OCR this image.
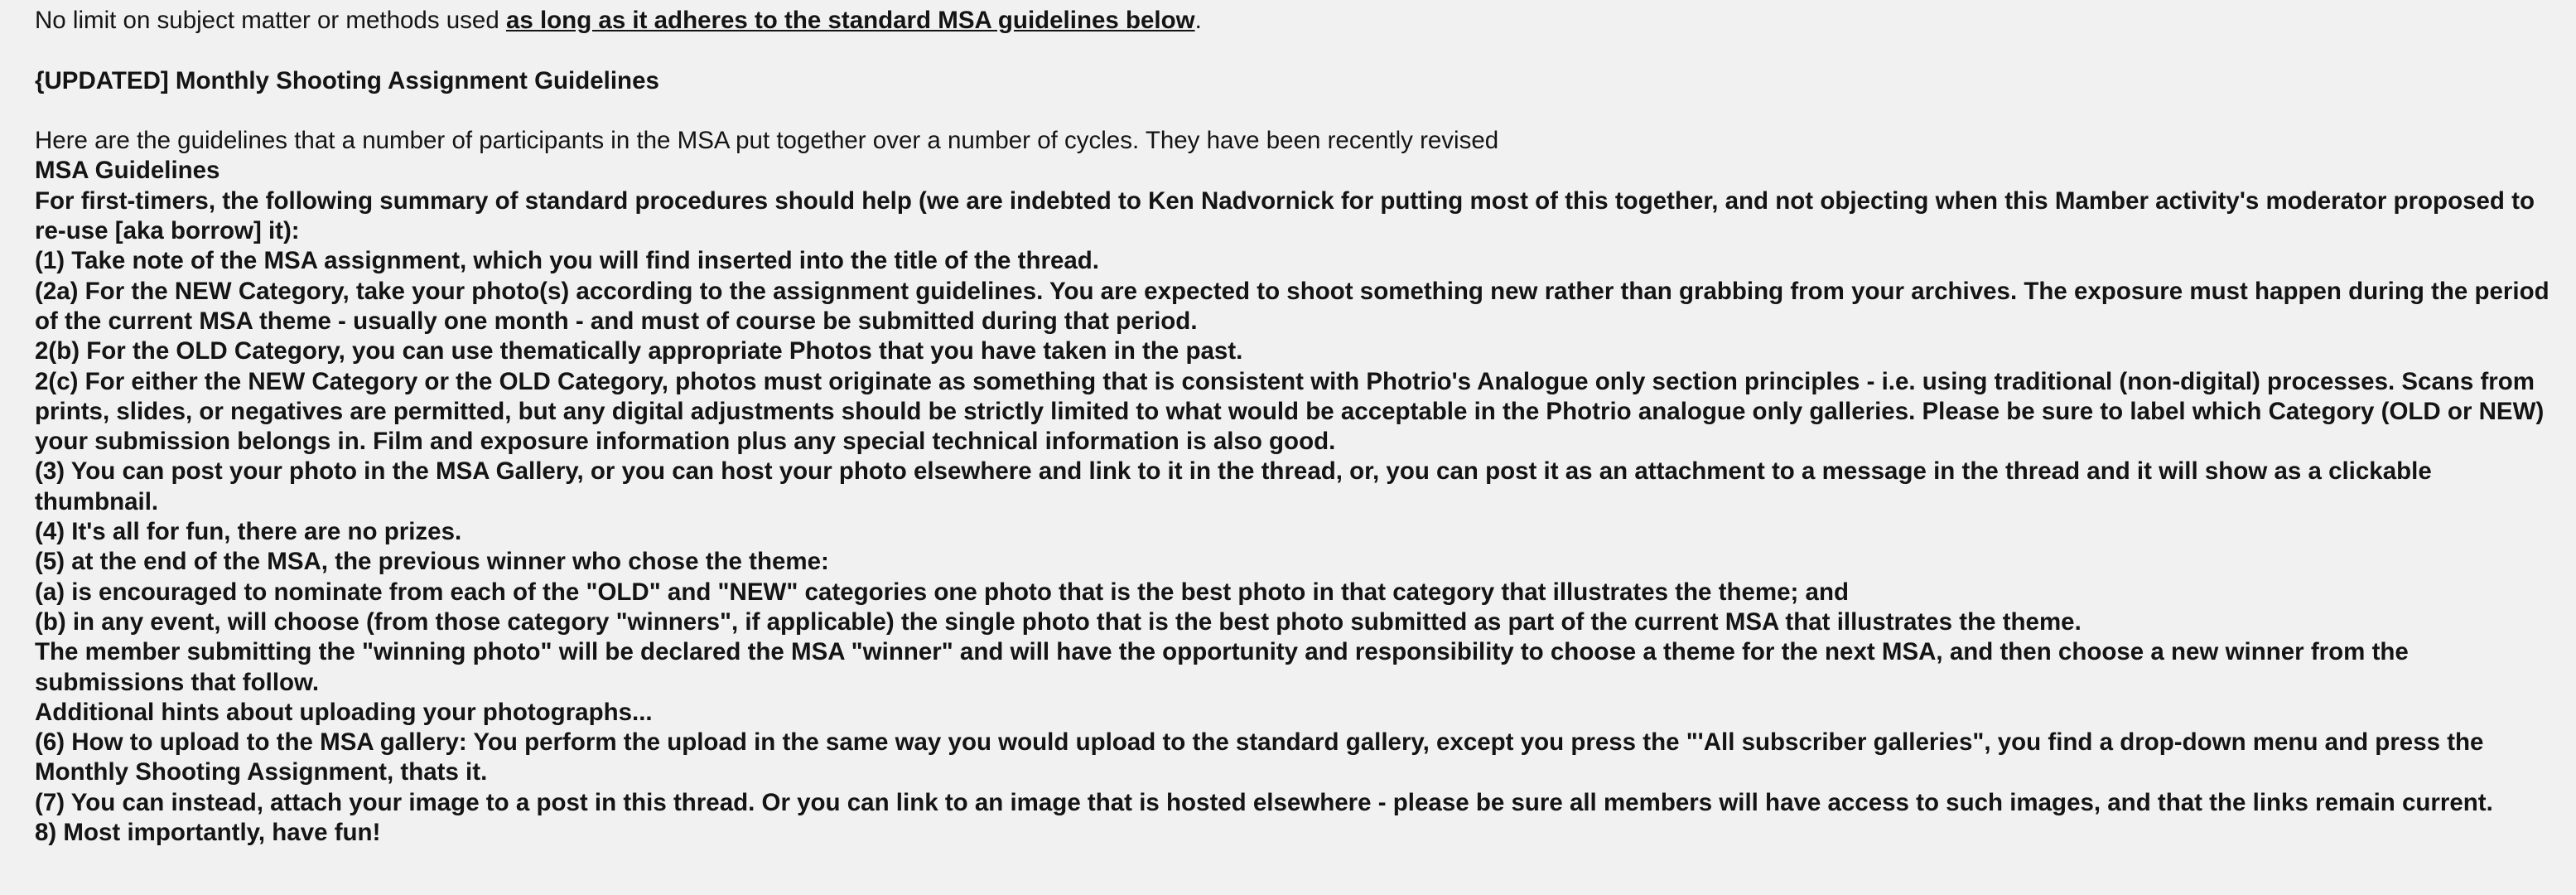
No limit on subject matter or methods used as long as it adheres to the standard MSA guidelines below.

{UPDATED] Monthly Shooting Assignment Guidelines

Here are the guidelines that a number of participants in the MSA put together over a number of cycles. They have been recently revised

MSA Guidelines

For first-timers, the following summary of standard procedures should help (we are indebted to Ken Nadvornick for putting most of this together, and not objecting when this Mamber activity's moderator proposed to re-use [aka borrow] it):
(1) Take note of the MSA assignment, which you will find inserted into the title of the thread.
(2a) For the NEW Category, take your photo(s) according to the assignment guidelines. You are expected to shoot something new rather than grabbing from your archives. The exposure must happen during the period of the current MSA theme - usually one month - and must of course be submitted during that period.
2(b) For the OLD Category, you can use thematically appropriate Photos that you have taken in the past.
2(c) For either the NEW Category or the OLD Category, photos must originate as something that is consistent with Photrio's Analogue only section principles - i.e. using traditional (non-digital) processes. Scans from prints, slides, or negatives are permitted, but any digital adjustments should be strictly limited to what would be acceptable in the Photrio analogue only galleries. Please be sure to label which Category (OLD or NEW) your submission belongs in. Film and exposure information plus any special technical information is also good.
(3) You can post your photo in the MSA Gallery, or you can host your photo elsewhere and link to it in the thread, or, you can post it as an attachment to a message in the thread and it will show as a clickable thumbnail.
(4) It's all for fun, there are no prizes.
(5) at the end of the MSA, the previous winner who chose the theme:
(a) is encouraged to nominate from each of the "OLD" and "NEW" categories one photo that is the best photo in that category that illustrates the theme; and
(b) in any event, will choose (from those category "winners", if applicable) the single photo that is the best photo submitted as part of the current MSA that illustrates the theme.
The member submitting the "winning photo" will be declared the MSA "winner" and will have the opportunity and responsibility to choose a theme for the next MSA, and then choose a new winner from the submissions that follow.
Additional hints about uploading your photographs...
(6) How to upload to the MSA gallery: You perform the upload in the same way you would upload to the standard gallery, except you press the "'All subscriber galleries", you find a drop-down menu and press the Monthly Shooting Assignment, thats it.
(7) You can instead, attach your image to a post in this thread. Or you can link to an image that is hosted elsewhere - please be sure all members will have access to such images, and that the links remain current.
8) Most importantly, have fun!
